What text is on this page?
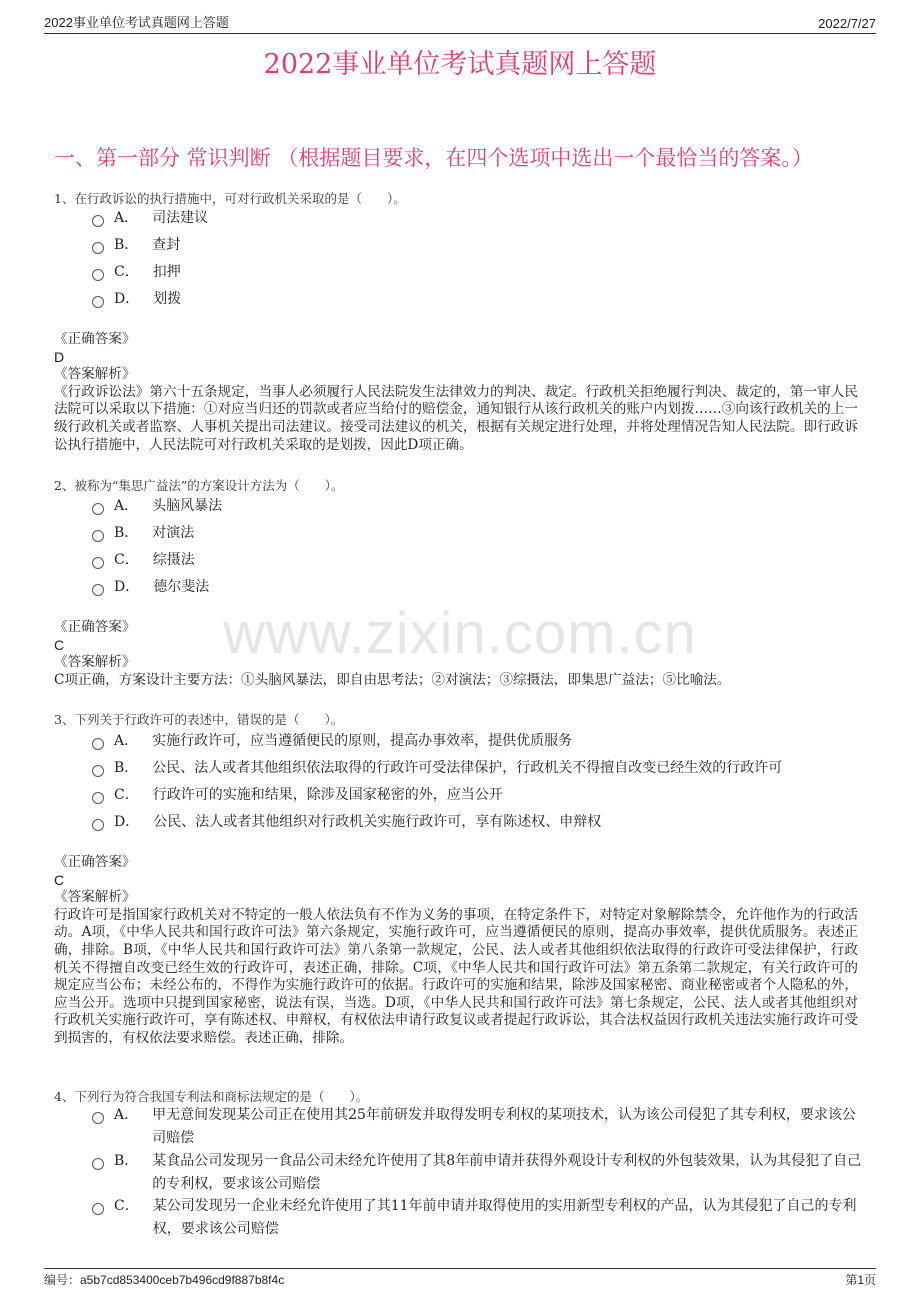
2022事业单位考试真题网上答题	2022/7/27
www.zixin.com.cn
2022事业单位考试真题网上答题
一、第一部分 常识判断 （根据题目要求，在四个选项中选出一个最恰当的答案。）
1、在行政诉讼的执行措施中，可对行政机关采取的是（　　）。
A． 司法建议
B． 查封
C． 扣押
D． 划拨
《正确答案》
D
《答案解析》
《行政诉讼法》第六十五条规定，当事人必须履行人民法院发生法律效力的判决、裁定。行政机关拒绝履行判决、裁定的，第一审人民法院可以采取以下措施：①对应当归还的罚款或者应当给付的赔偿金，通知银行从该行政机关的账户内划拨……③向该行政机关的上一级行政机关或者监察、人事机关提出司法建议。接受司法建议的机关，根据有关规定进行处理，并将处理情况告知人民法院。即行政诉讼执行措施中，人民法院可对行政机关采取的是划拨，因此D项正确。
2、被称为“集思广益法”的方案设计方法为（　　）。
A． 头脑风暴法
B． 对演法
C． 综摄法
D． 德尔斐法
《正确答案》
C
《答案解析》
C项正确，方案设计主要方法：①头脑风暴法，即自由思考法；②对演法；③综摄法，即集思广益法；⑤比喻法。
3、下列关于行政许可的表述中，错误的是（　　）。
A． 实施行政许可，应当遵循便民的原则，提高办事效率，提供优质服务
B． 公民、法人或者其他组织依法取得的行政许可受法律保护，行政机关不得擅自改变已经生效的行政许可
C． 行政许可的实施和结果，除涉及国家秘密的外，应当公开
D． 公民、法人或者其他组织对行政机关实施行政许可，享有陈述权、申辩权
《正确答案》
C
《答案解析》
行政许可是指国家行政机关对不特定的一般人依法负有不作为义务的事项，在特定条件下，对特定对象解除禁令，允许他作为的行政活动。A项，《中华人民共和国行政许可法》第六条规定，实施行政许可，应当遵循便民的原则，提高办事效率，提供优质服务。表述正确，排除。B项，《中华人民共和国行政许可法》第八条第一款规定，公民、法人或者其他组织依法取得的行政许可受法律保护，行政机关不得擅自改变已经生效的行政许可，表述正确，排除。C项，《中华人民共和国行政许可法》第五条第二款规定，有关行政许可的规定应当公布；未经公布的，不得作为实施行政许可的依据。行政许可的实施和结果，除涉及国家秘密、商业秘密或者个人隐私的外，应当公开。选项中只提到国家秘密，说法有误，当选。D项，《中华人民共和国行政许可法》第七条规定，公民、法人或者其他组织对行政机关实施行政许可，享有陈述权、申辩权，有权依法申请行政复议或者提起行政诉讼，其合法权益因行政机关违法实施行政许可受到损害的，有权依法要求赔偿。表述正确，排除。
4、下列行为符合我国专利法和商标法规定的是（　　）。
A． 甲无意间发现某公司正在使用其25年前研发并取得发明专利权的某项技术，认为该公司侵犯了其专利权，要求该公司赔偿
B． 某食品公司发现另一食品公司未经允许使用了其8年前申请并获得外观设计专利权的外包装效果，认为其侵犯了自己的专利权，要求该公司赔偿
C． 某公司发现另一企业未经允许使用了其11年前申请并取得使用的实用新型专利权的产品，认为其侵犯了自己的专利权，要求该公司赔偿
编号：a5b7cd853400ceb7b496cd9f887b8f4c	第1页
